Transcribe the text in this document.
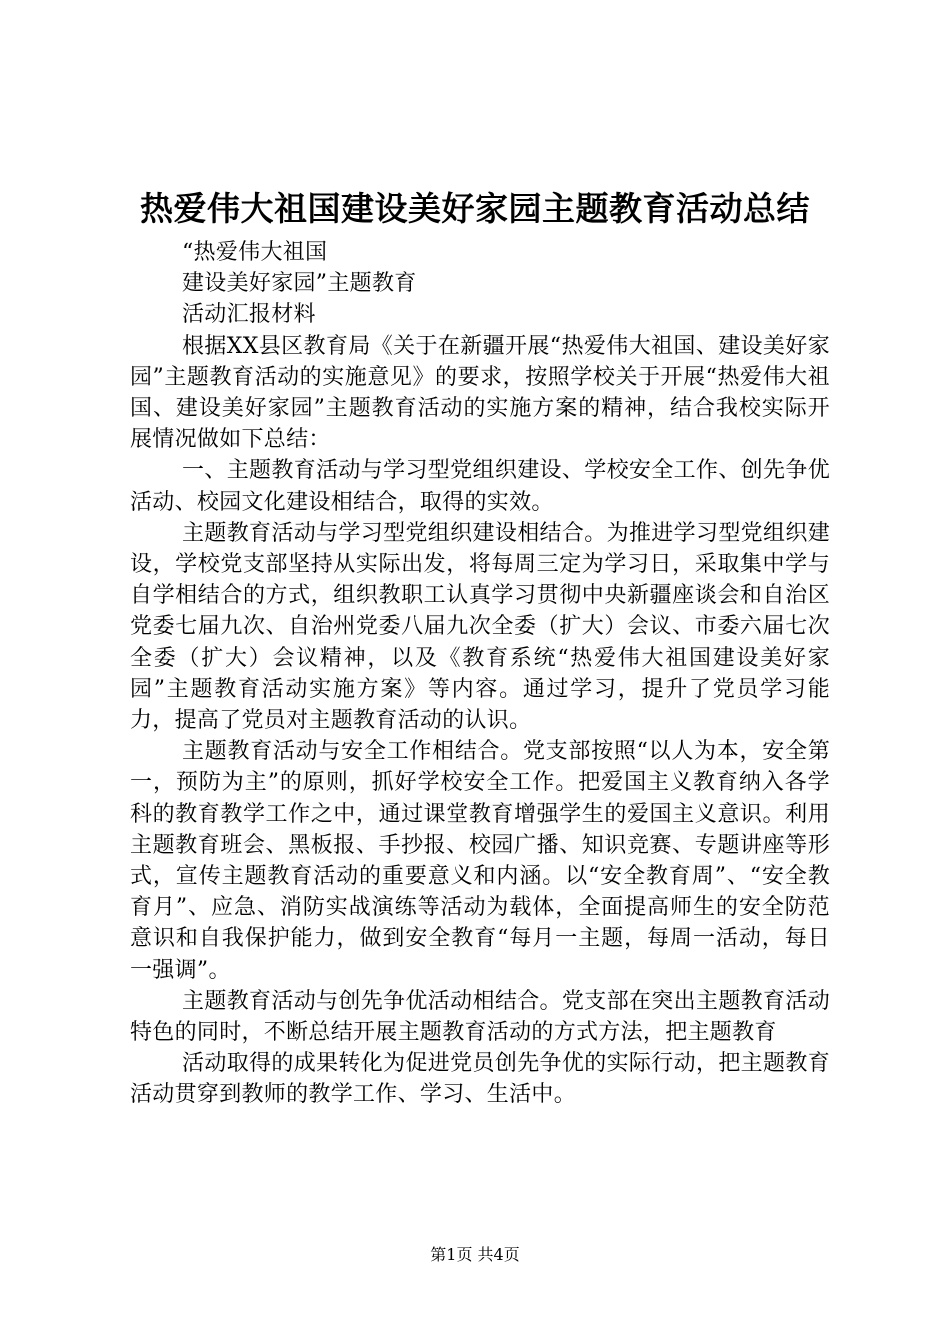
热爱伟大祖国建设美好家园主题教育活动总结

“热爱伟大祖国

建设美好家园”主题教育

活动汇报材料

根据XX县区教育局《关于在新疆开展“热爱伟大祖国、建设美好家园”主题教育活动的实施意见》的要求，按照学校关于开展“热爱伟大祖国、建设美好家园”主题教育活动的实施方案的精神，结合我校实际开展情况做如下总结：

一、主题教育活动与学习型党组织建设、学校安全工作、创先争优活动、校园文化建设相结合，取得的实效。

主题教育活动与学习型党组织建设相结合。为推进学习型党组织建设，学校党支部坚持从实际出发，将每周三定为学习日，采取集中学与自学相结合的方式，组织教职工认真学习贯彻中央新疆座谈会和自治区党委七届九次、自治州党委八届九次全委（扩大）会议、市委六届七次全委（扩大）会议精神，以及《教育系统“热爱伟大祖国建设美好家园”主题教育活动实施方案》等内容。通过学习，提升了党员学习能力，提高了党员对主题教育活动的认识。

主题教育活动与安全工作相结合。党支部按照“以人为本，安全第一，预防为主”的原则，抓好学校安全工作。把爱国主义教育纳入各学科的教育教学工作之中，通过课堂教育增强学生的爱国主义意识。利用主题教育班会、黑板报、手抄报、校园广播、知识竞赛、专题讲座等形式，宣传主题教育活动的重要意义和内涵。以“安全教育周”、“安全教育月”、应急、消防实战演练等活动为载体，全面提高师生的安全防范意识和自我保护能力，做到安全教育“每月一主题，每周一活动，每日一强调”。

主题教育活动与创先争优活动相结合。党支部在突出主题教育活动特色的同时，不断总结开展主题教育活动的方式方法，把主题教育

活动取得的成果转化为促进党员创先争优的实际行动，把主题教育活动贯穿到教师的教学工作、学习、生活中。

第1页 共4页
